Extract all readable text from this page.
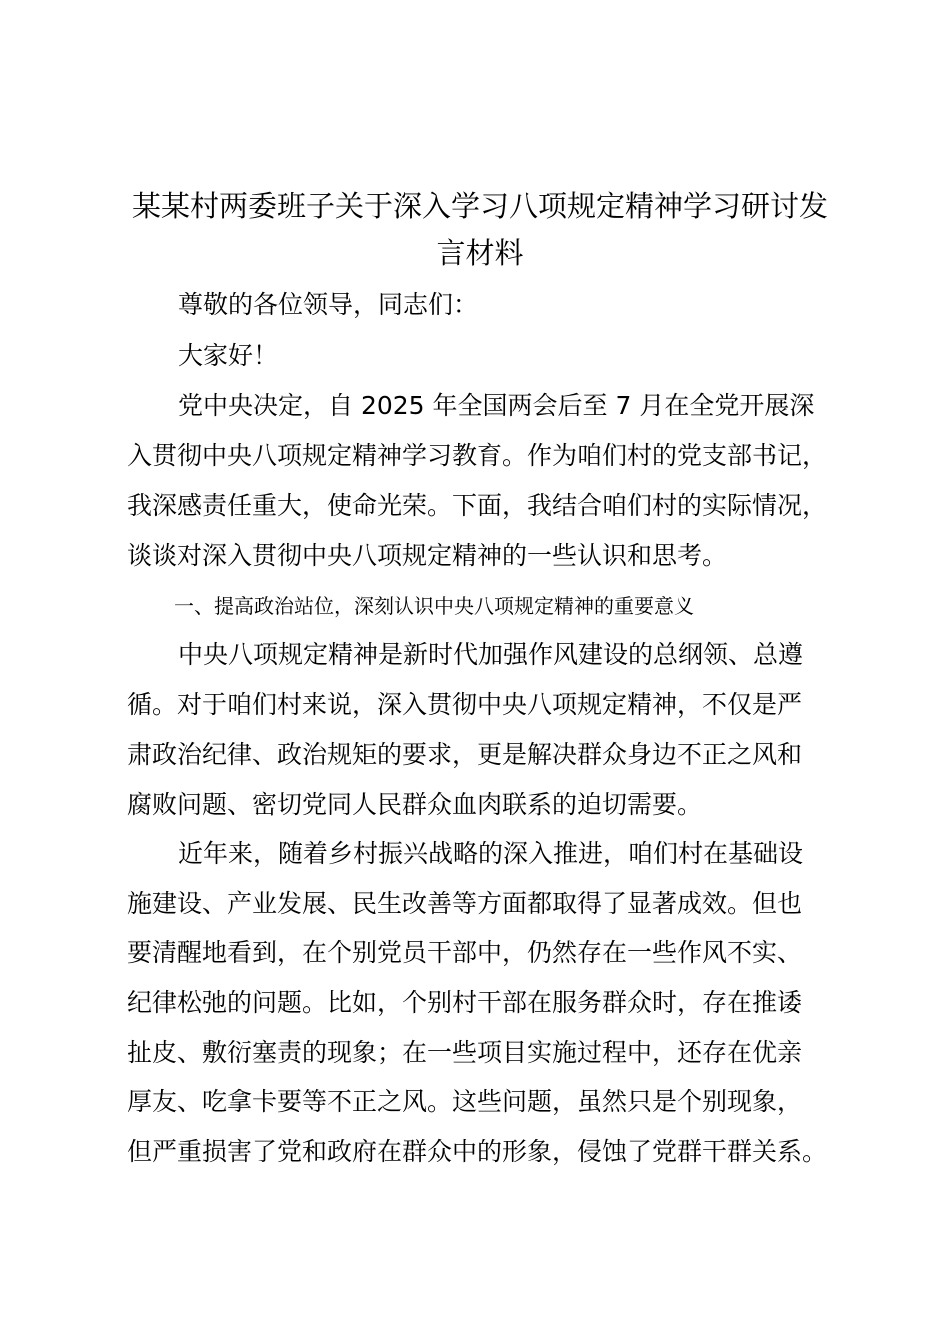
某某村两委班子关于深入学习八项规定精神学习研讨发
言材料
尊敬的各位领导，同志们：
大家好！
党中央决定，自 2025 年全国两会后至 7 月在全党开展深
入贯彻中央八项规定精神学习教育。作为咱们村的党支部书记，
我深感责任重大，使命光荣。下面，我结合咱们村的实际情况，
谈谈对深入贯彻中央八项规定精神的一些认识和思考。
一、提高政治站位，深刻认识中央八项规定精神的重要意义
中央八项规定精神是新时代加强作风建设的总纲领、总遵
循。对于咱们村来说，深入贯彻中央八项规定精神，不仅是严
肃政治纪律、政治规矩的要求，更是解决群众身边不正之风和
腐败问题、密切党同人民群众血肉联系的迫切需要。
近年来，随着乡村振兴战略的深入推进，咱们村在基础设
施建设、产业发展、民生改善等方面都取得了显著成效。但也
要清醒地看到，在个别党员干部中，仍然存在一些作风不实、
纪律松弛的问题。比如，个别村干部在服务群众时，存在推诿
扯皮、敷衍塞责的现象；在一些项目实施过程中，还存在优亲
厚友、吃拿卡要等不正之风。这些问题，虽然只是个别现象，
但严重损害了党和政府在群众中的形象，侵蚀了党群干群关系。
